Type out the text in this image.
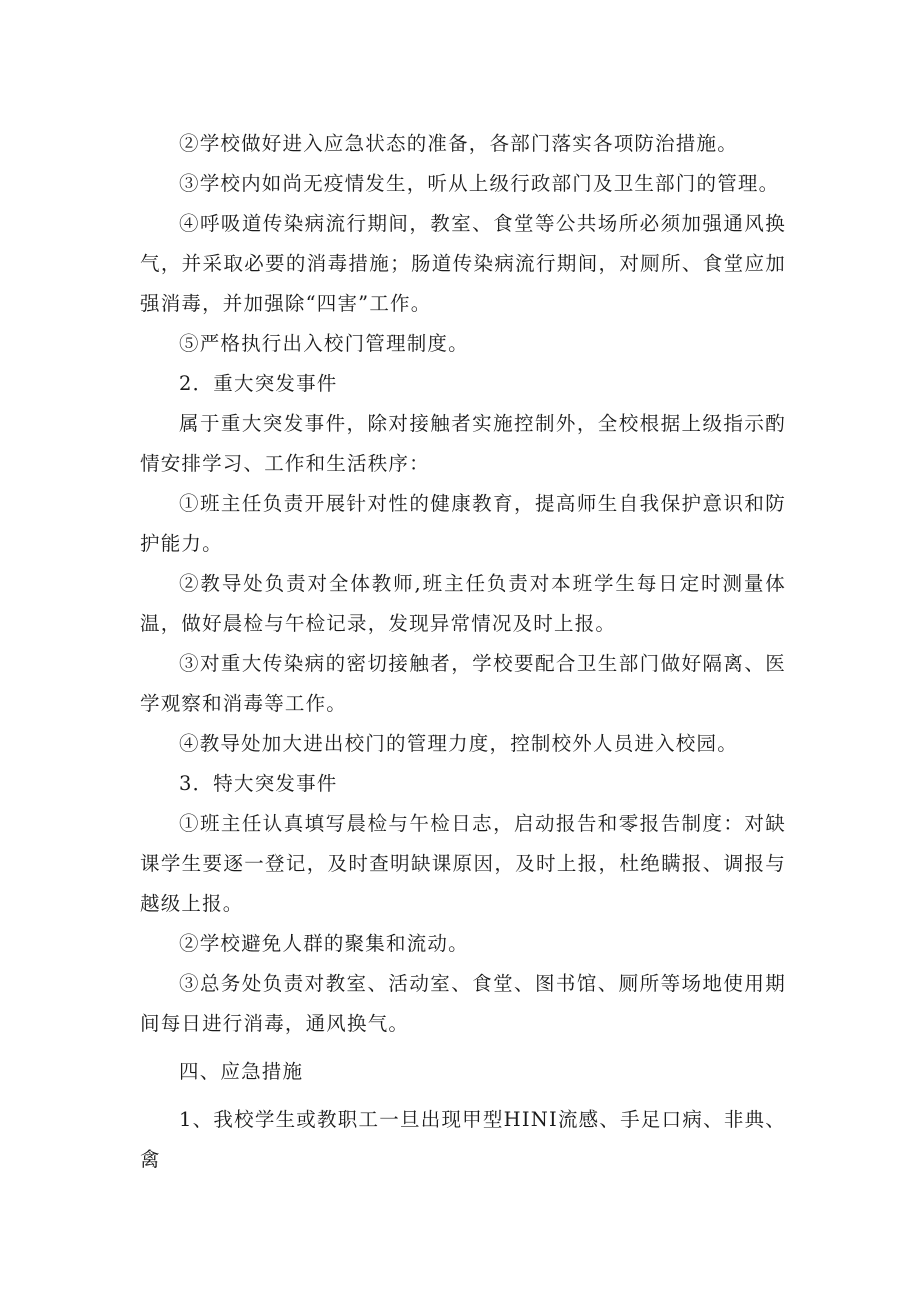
②学校做好进入应急状态的准备，各部门落实各项防治措施。

③学校内如尚无疫情发生，听从上级行政部门及卫生部门的管理。

④呼吸道传染病流行期间，教室、食堂等公共场所必须加强通风换气，并采取必要的消毒措施；肠道传染病流行期间，对厕所、食堂应加强消毒，并加强除“四害”工作。

⑤严格执行出入校门管理制度。

2．重大突发事件

属于重大突发事件，除对接触者实施控制外，全校根据上级指示酌情安排学习、工作和生活秩序：

①班主任负责开展针对性的健康教育，提高师生自我保护意识和防护能力。

②教导处负责对全体教师,班主任负责对本班学生每日定时测量体温，做好晨检与午检记录，发现异常情况及时上报。

③对重大传染病的密切接触者，学校要配合卫生部门做好隔离、医学观察和消毒等工作。

④教导处加大进出校门的管理力度，控制校外人员进入校园。

3．特大突发事件

①班主任认真填写晨检与午检日志，启动报告和零报告制度：对缺课学生要逐一登记，及时查明缺课原因，及时上报，杜绝瞒报、调报与越级上报。

②学校避免人群的聚集和流动。

③总务处负责对教室、活动室、食堂、图书馆、厕所等场地使用期间每日进行消毒，通风换气。

四、应急措施

1、我校学生或教职工一旦出现甲型HINI流感、手足口病、非典、禽
